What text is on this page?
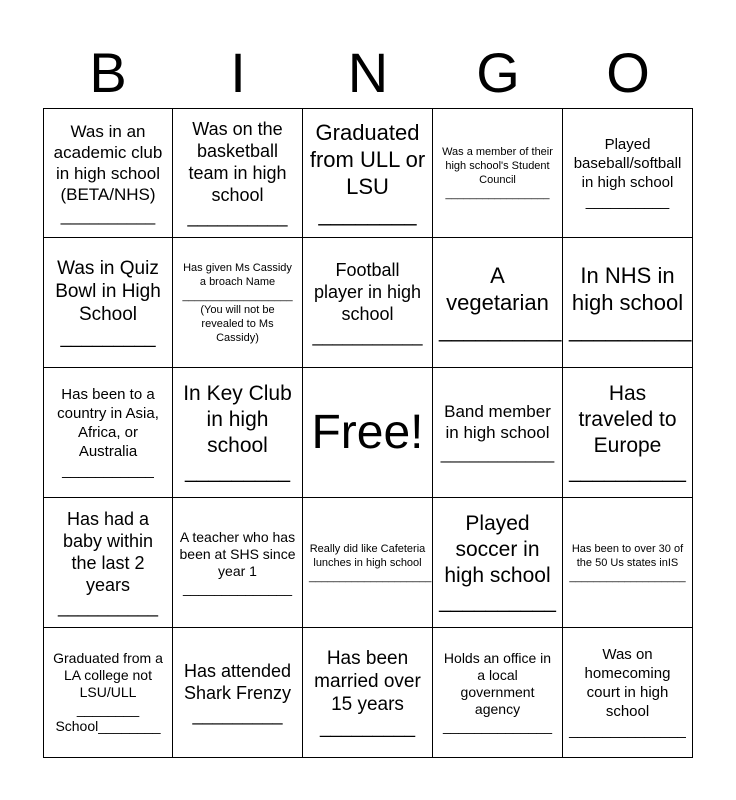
B	I	N	G	O
Was in an academic club in high school (BETA/NHS)
__________
Was on the basketball team in high school
__________
Graduated from ULL or LSU
________
Was a member of their high school's Student Council
_________________
Played baseball/softball in high school
__________
Was in Quiz Bowl in High School
_________
Has given Ms Cassidy a broach Name
__________________
(You will not be revealed to Ms Cassidy)
Football player in high school
___________
A vegetarian
__________
In NHS in high school
__________
Has been to a country in Asia, Africa, or Australia
___________
In Key Club in high school
_________
Free!	Band member in high school
____________
Has traveled to Europe
__________
Has had a baby within the last 2 years
__________
A teacher who has been at SHS since year 1
______________
Really did like Cafeteria lunches in high school
____________________
Played soccer in high school
__________
Has been to over 30 of the 50 Us states inIS
___________________
Graduated from a LA college not LSU/ULL
________
School________
Has attended Shark Frenzy
_________
Has been married over 15 years
_________
Holds an office in a local government agency
______________
Was on homecoming court in high school
______________
